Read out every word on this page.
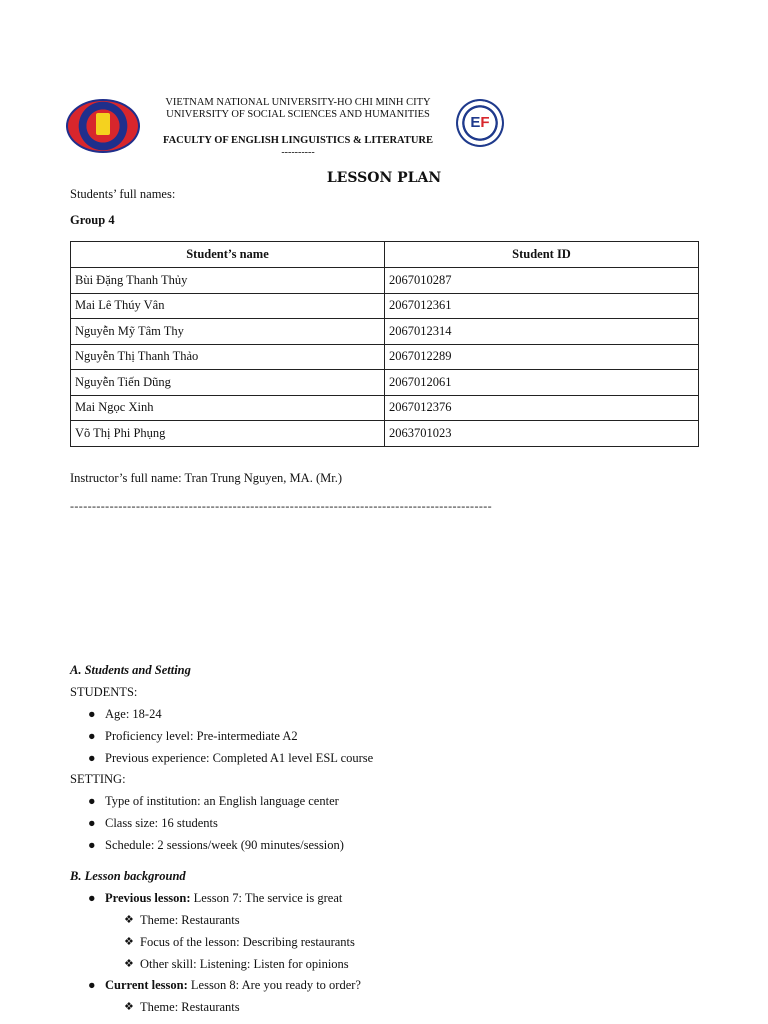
EF
VIETNAM NATIONAL UNIVERSITY-HO CHI MINH CITY
UNIVERSITY OF SOCIAL SCIENCES AND HUMANITIES
FACULTY OF ENGLISH LINGUISTICS & LITERATURE
----------
LESSON PLAN
Students’ full names:
Group 4
Student’s name	Student ID
Bùi Đặng Thanh Thủy	2067010287
Mai Lê Thúy Vân	2067012361
Nguyễn Mỹ Tâm Thy	2067012314
Nguyễn Thị Thanh Thảo	2067012289
Nguyễn Tiến Dũng	2067012061
Mai Ngọc Xinh	2067012376
Võ Thị Phi Phụng	2063701023
Instructor’s full name: Tran Trung Nguyen, MA. (Mr.)
------------------------------------------------------------------------------------------------
A. Students and Setting
STUDENTS:
● Age: 18-24
● Proficiency level: Pre-intermediate A2
● Previous experience: Completed A1 level ESL course
SETTING:
● Type of institution: an English language center
● Class size: 16 students
● Schedule: 2 sessions/week (90 minutes/session)
B. Lesson background
● Previous lesson: Lesson 7: The service is great
❖ Theme: Restaurants
❖ Focus of the lesson: Describing restaurants
❖ Other skill: Listening: Listen for opinions
● Current lesson: Lesson 8: Are you ready to order?
❖ Theme: Restaurants
